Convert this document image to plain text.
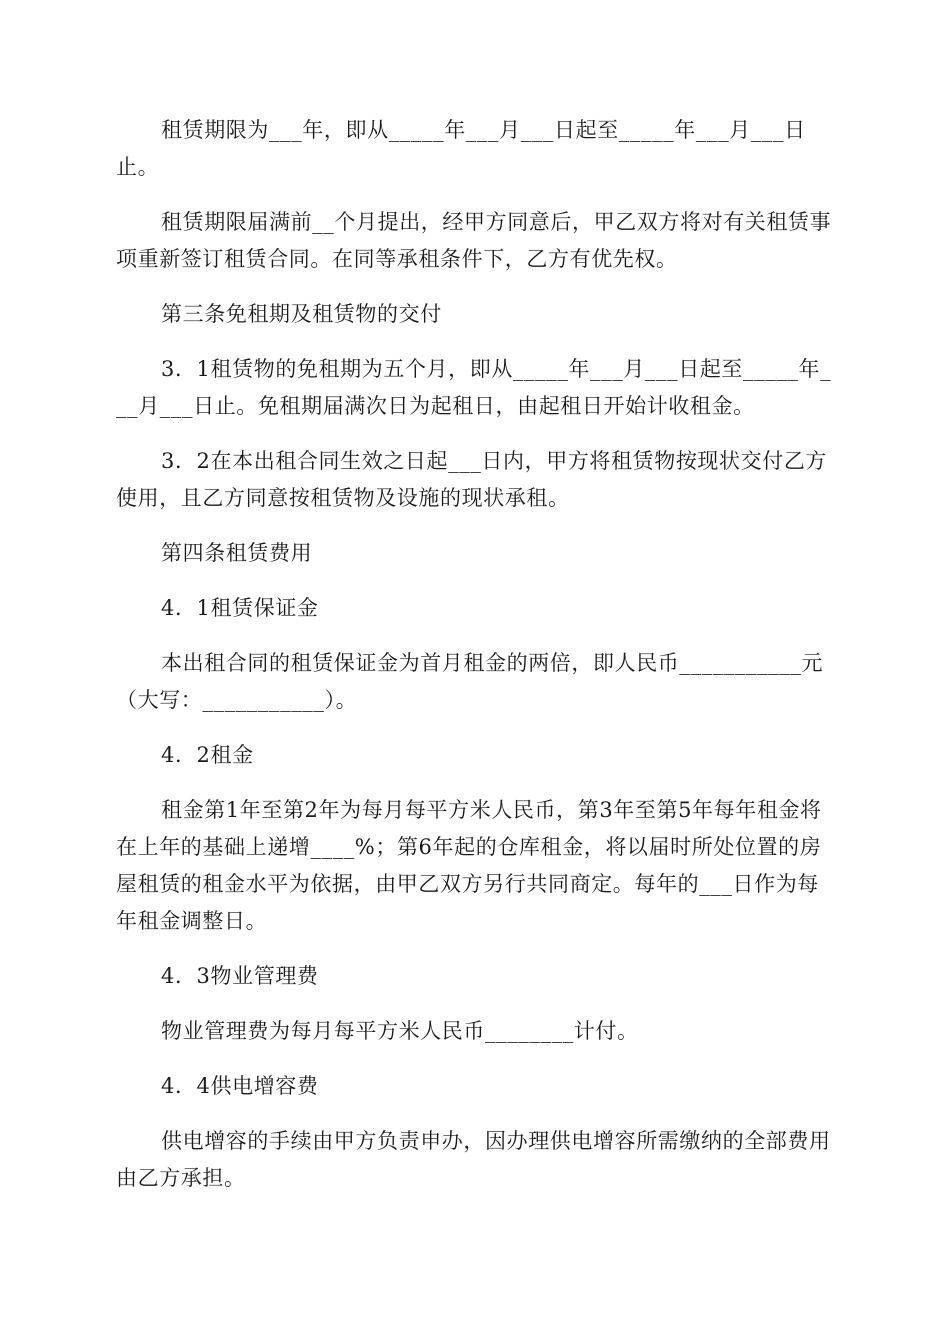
租赁期限为___年，即从_____年___月___日起至_____年___月___日止。

租赁期限届满前__个月提出，经甲方同意后，甲乙双方将对有关租赁事项重新签订租赁合同。在同等承租条件下，乙方有优先权。

第三条免租期及租赁物的交付

3．1租赁物的免租期为五个月，即从_____年___月___日起至_____年___月___日止。免租期届满次日为起租日，由起租日开始计收租金。

3．2在本出租合同生效之日起___日内，甲方将租赁物按现状交付乙方使用，且乙方同意按租赁物及设施的现状承租。

第四条租赁费用

4．1租赁保证金

本出租合同的租赁保证金为首月租金的两倍，即人民币___________元（大写：___________）。

4．2租金

租金第1年至第2年为每月每平方米人民币，第3年至第5年每年租金将在上年的基础上递增____%；第6年起的仓库租金，将以届时所处位置的房屋租赁的租金水平为依据，由甲乙双方另行共同商定。每年的___日作为每年租金调整日。

4．3物业管理费

物业管理费为每月每平方米人民币________计付。

4．4供电增容费

供电增容的手续由甲方负责申办，因办理供电增容所需缴纳的全部费用由乙方承担。
